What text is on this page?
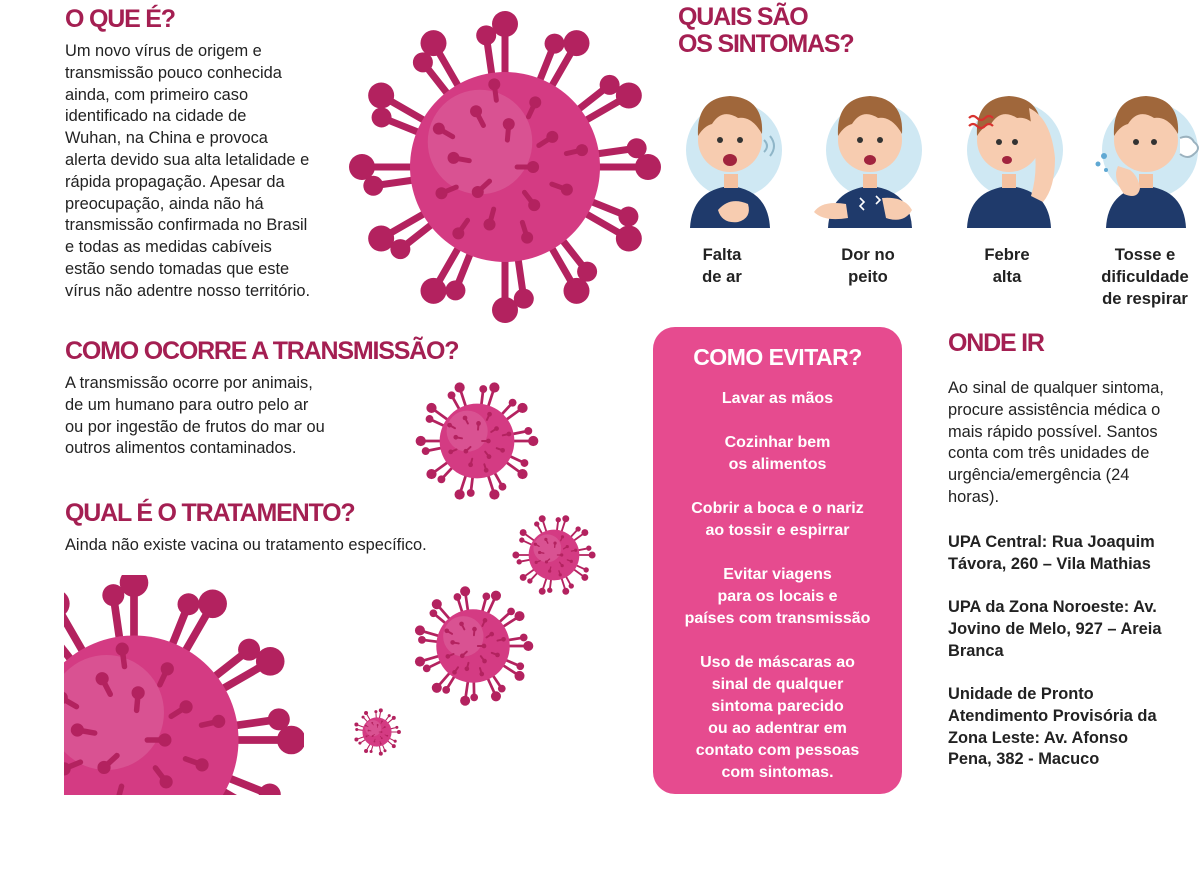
O QUE É?

Um novo vírus de origem e
transmissão pouco conhecida
ainda, com primeiro caso
identificado na cidade de
Wuhan, na China e provoca
alerta devido sua alta letalidade e
rápida propagação. Apesar da
preocupação, ainda não há
transmissão confirmada no Brasil
e todas as medidas cabíveis
estão sendo tomadas que este
vírus não adentre nosso território.

COMO OCORRE A TRANSMISSÃO?

A transmissão ocorre por animais,
de um humano para outro pelo ar
ou por ingestão de frutos do mar ou
outros alimentos contaminados.

QUAL É O TRATAMENTO?

Ainda não existe vacina ou tratamento específico.

QUAIS SÃO
OS SINTOMAS?
Falta
de ar
Dor no
peito
Febre
alta
Tosse e
dificuldade
de respirar
COMO EVITAR?
Lavar as mãos
Cozinhar bem
os alimentos
Cobrir a boca e o nariz
ao tossir e espirrar
Evitar viagens
para os locais e
países com transmissão
Uso de máscaras ao
sinal de qualquer
sintoma parecido
ou ao adentrar em
contato com pessoas
com sintomas.
ONDE IR

Ao sinal de qualquer sintoma,
procure assistência médica o
mais rápido possível. Santos
conta com três unidades de
urgência/emergência (24
horas).

UPA Central: Rua Joaquim
Távora, 260 – Vila Mathias

UPA da Zona Noroeste: Av.
Jovino de Melo, 927 – Areia
Branca

Unidade de Pronto
Atendimento Provisória da
Zona Leste: Av. Afonso
Pena, 382 - Macuco
